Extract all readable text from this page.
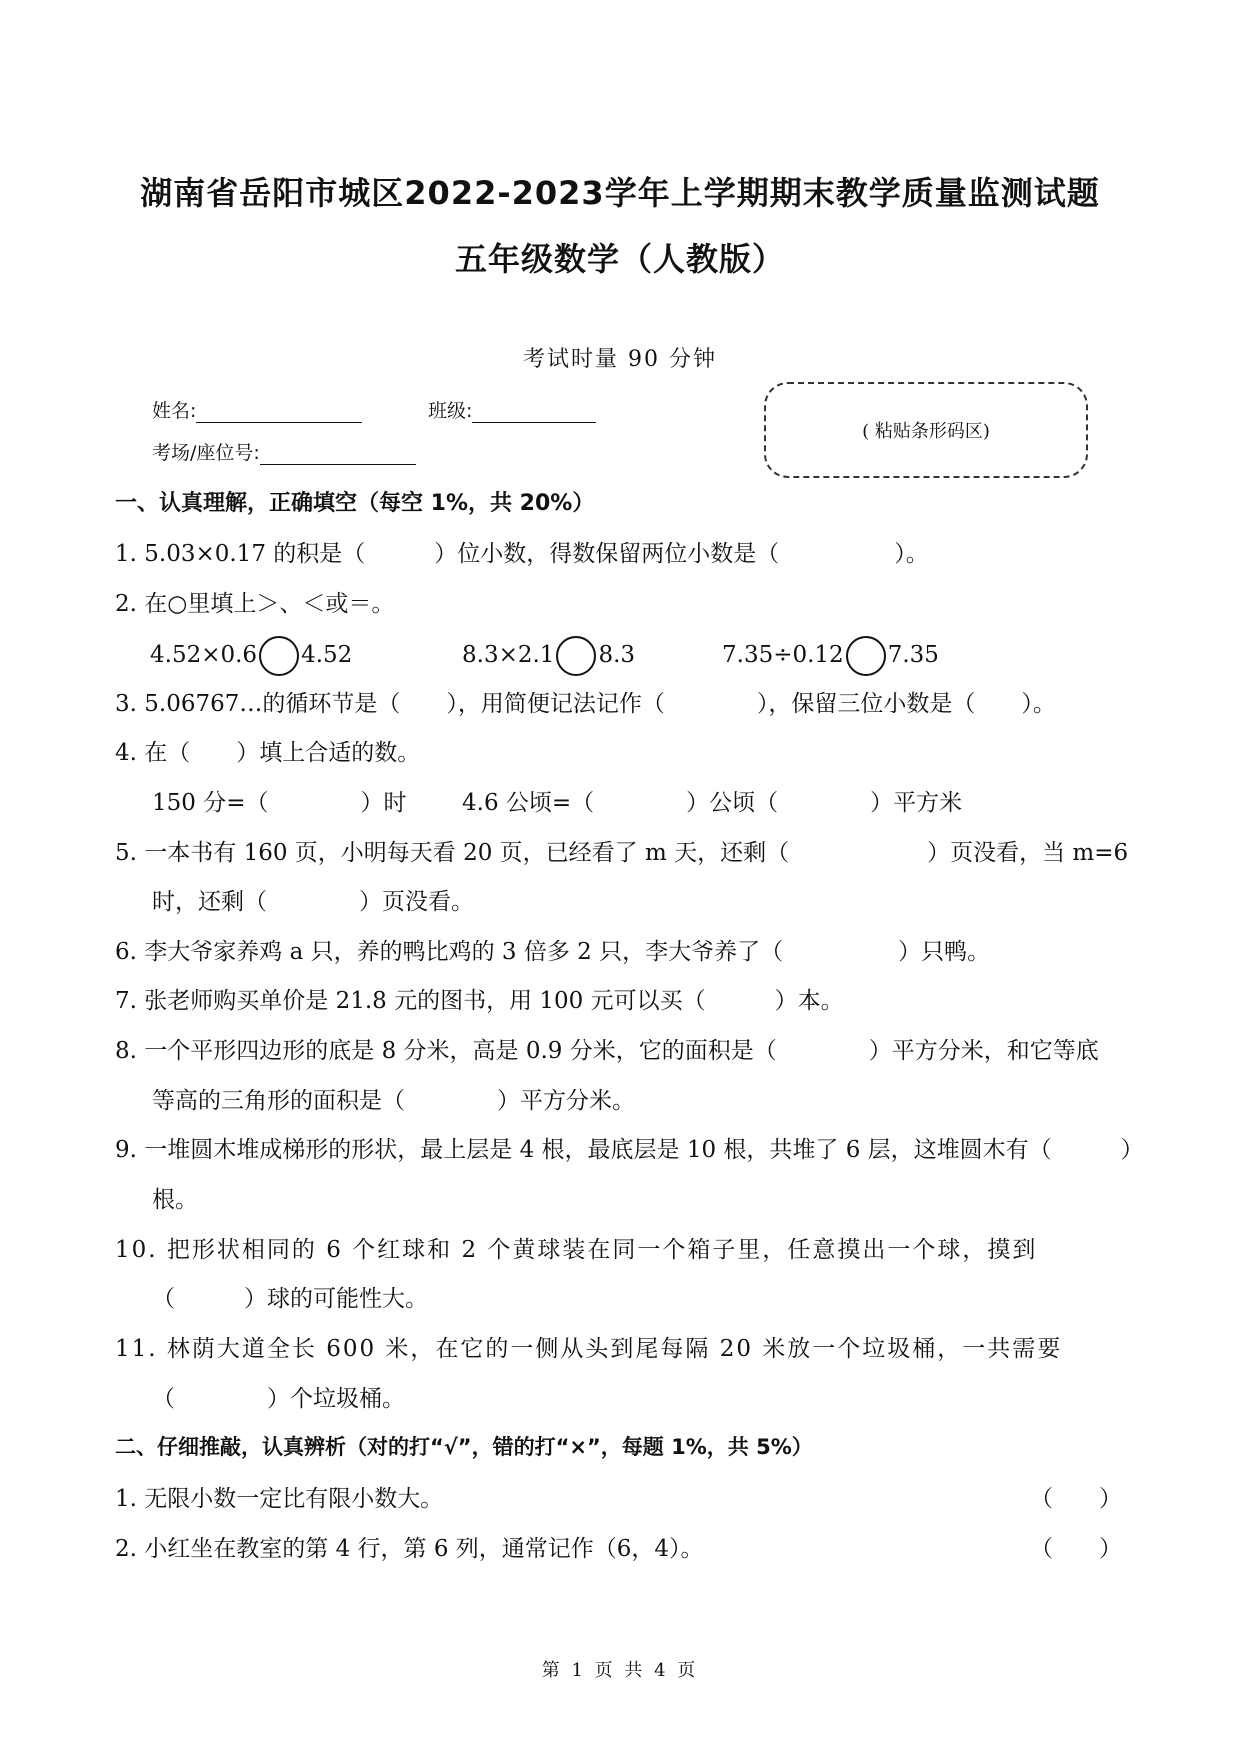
湖南省岳阳市城区2022-2023学年上学期期末教学质量监测试题
五年级数学（人教版）
考试时量 90 分钟
姓名:	班级:
考场/座位号:
( 粘贴条形码区)
一、认真理解，正确填空（每空 1%，共 20%）
1. 5.03×0.17 的积是（　　　）位小数，得数保留两位小数是（　　　　　）。
2. 在○里填上＞、＜或＝。
4.52×0.6 4.52	8.3×2.1 8.3	7.35÷0.12 7.35
3. 5.06767…的循环节是（　　），用简便记法记作（　　　　），保留三位小数是（　　）。
4. 在（　　）填上合适的数。
150 分=（　　　　）时 4.6 公顷=（　　　　）公顷（　　　　）平方米
5. 一本书有 160 页，小明每天看 20 页，已经看了 m 天，还剩（　　　　　　）页没看，当 m=6
时，还剩（　　　　）页没看。
6. 李大爷家养鸡 a 只，养的鸭比鸡的 3 倍多 2 只，李大爷养了（　　　　　）只鸭。
7. 张老师购买单价是 21.8 元的图书，用 100 元可以买（　　　）本。
8. 一个平形四边形的底是 8 分米，高是 0.9 分米，它的面积是（　　　　）平方分米，和它等底
等高的三角形的面积是（　　　　）平方分米。
9. 一堆圆木堆成梯形的形状，最上层是 4 根，最底层是 10 根，共堆了 6 层，这堆圆木有（　　　）
根。
10. 把形状相同的 6 个红球和 2 个黄球装在同一个箱子里，任意摸出一个球，摸到
（　　　）球的可能性大。
11. 林荫大道全长 600 米，在它的一侧从头到尾每隔 20 米放一个垃圾桶，一共需要
（　　　　）个垃圾桶。
二、仔细推敲，认真辨析（对的打“√”，错的打“×”，每题 1%，共 5%）
1. 无限小数一定比有限小数大。	（　　）
2. 小红坐在教室的第 4 行，第 6 列，通常记作（6，4）。	（　　）
第 1 页 共 4 页
